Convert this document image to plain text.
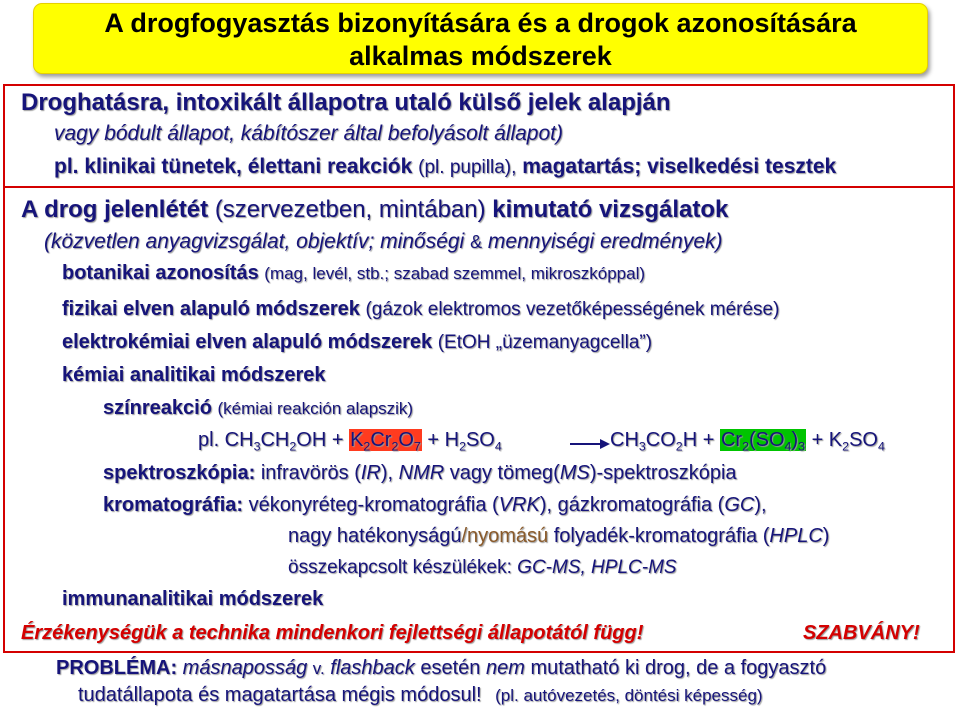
A drogfogyasztás bizonyítására és a drogok azonosítására
alkalmas módszerek
Droghatásra, intoxikált állapotra utaló külső jelek alapján
vagy bódult állapot, kábítószer által befolyásolt állapot)
pl. klinikai tünetek, élettani reakciók (pl. pupilla), magatartás; viselkedési tesztek
A drog jelenlétét (szervezetben, mintában) kimutató vizsgálatok
(közvetlen anyagvizsgálat, objektív; minőségi & mennyiségi eredmények)
botanikai azonosítás (mag, levél, stb.; szabad szemmel, mikroszkóppal)
fizikai elven alapuló módszerek (gázok elektromos vezetőképességének mérése)
elektrokémiai elven alapuló módszerek (EtOH „üzemanyagcella”)
kémiai analitikai módszerek
színreakció (kémiai reakción alapszik)
pl. $CH_3CH_2OH + K_2Cr_2O_7 + H_2SO_4$	$CH_3CO_2H + Cr_2(SO_4)_3 + K_2SO_4$
spektroszkópia: infravörös (IR), NMR vagy tömeg(MS)-spektroszkópia
kromatográfia: vékonyréteg-kromatográfia (VRK), gázkromatográfia (GC),
nagy hatékonyságú/nyomású folyadék-kromatográfia (HPLC)
összekapcsolt készülékek: GC-MS, HPLC-MS
immunanalitikai módszerek
Érzékenységük a technika mindenkori fejlettségi állapotától függ!	SZABVÁNY!
PROBLÉMA: másnaposság v. flashback esetén nem mutatható ki drog, de a fogyasztó
tudatállapota és magatartása mégis módosul! (pl. autóvezetés, döntési képesség)
